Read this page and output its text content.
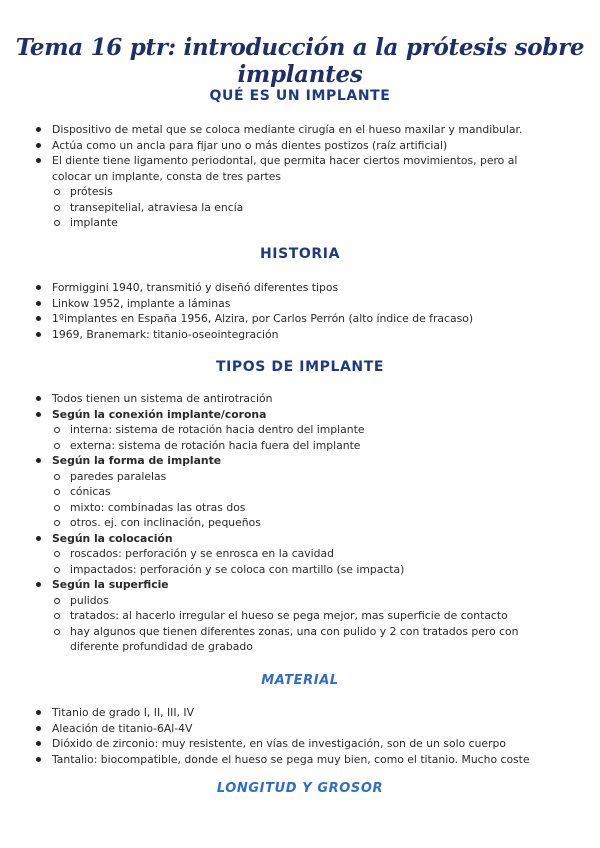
Tema 16 ptr: introducción a la prótesis sobre implantes
QUÉ ES UN IMPLANTE
Dispositivo de metal que se coloca mediante cirugía en el hueso maxilar y mandibular.
Actúa como un ancla para fijar uno o más dientes postizos (raíz artificial)
El diente tiene ligamento periodontal, que permita hacer ciertos movimientos, pero al colocar un implante, consta de tres partes
prótesis
transepitelial, atraviesa la encía
implante
HISTORIA
Formiggini 1940, transmitió y diseñó diferentes tipos
Linkow 1952, implante a láminas
1ºimplantes en España 1956, Alzira, por Carlos Perrón (alto índice de fracaso)
1969, Branemark: titanio-oseointegración
TIPOS DE IMPLANTE
Todos tienen un sistema de antirotración
Según la conexión implante/corona
interna: sistema de rotación hacia dentro del implante
externa: sistema de rotación hacia fuera del implante
Según la forma de implante
paredes paralelas
cónicas
mixto: combinadas las otras dos
otros. ej. con inclinación, pequeños
Según la colocación
roscados: perforación y se enrosca en la cavidad
impactados: perforación y se coloca con martillo (se impacta)
Según la superficie
pulidos
tratados: al hacerlo irregular el hueso se pega mejor, mas superficie de contacto
hay algunos que tienen diferentes zonas, una con pulido y 2 con tratados pero con diferente profundidad de grabado
MATERIAL
Titanio de grado I, II, III, IV
Aleación de titanio-6Al-4V
Dióxido de zirconio: muy resistente, en vías de investigación, son de un solo cuerpo
Tantalio: biocompatible, donde el hueso se pega muy bien, como el titanio. Mucho coste
LONGITUD Y GROSOR
